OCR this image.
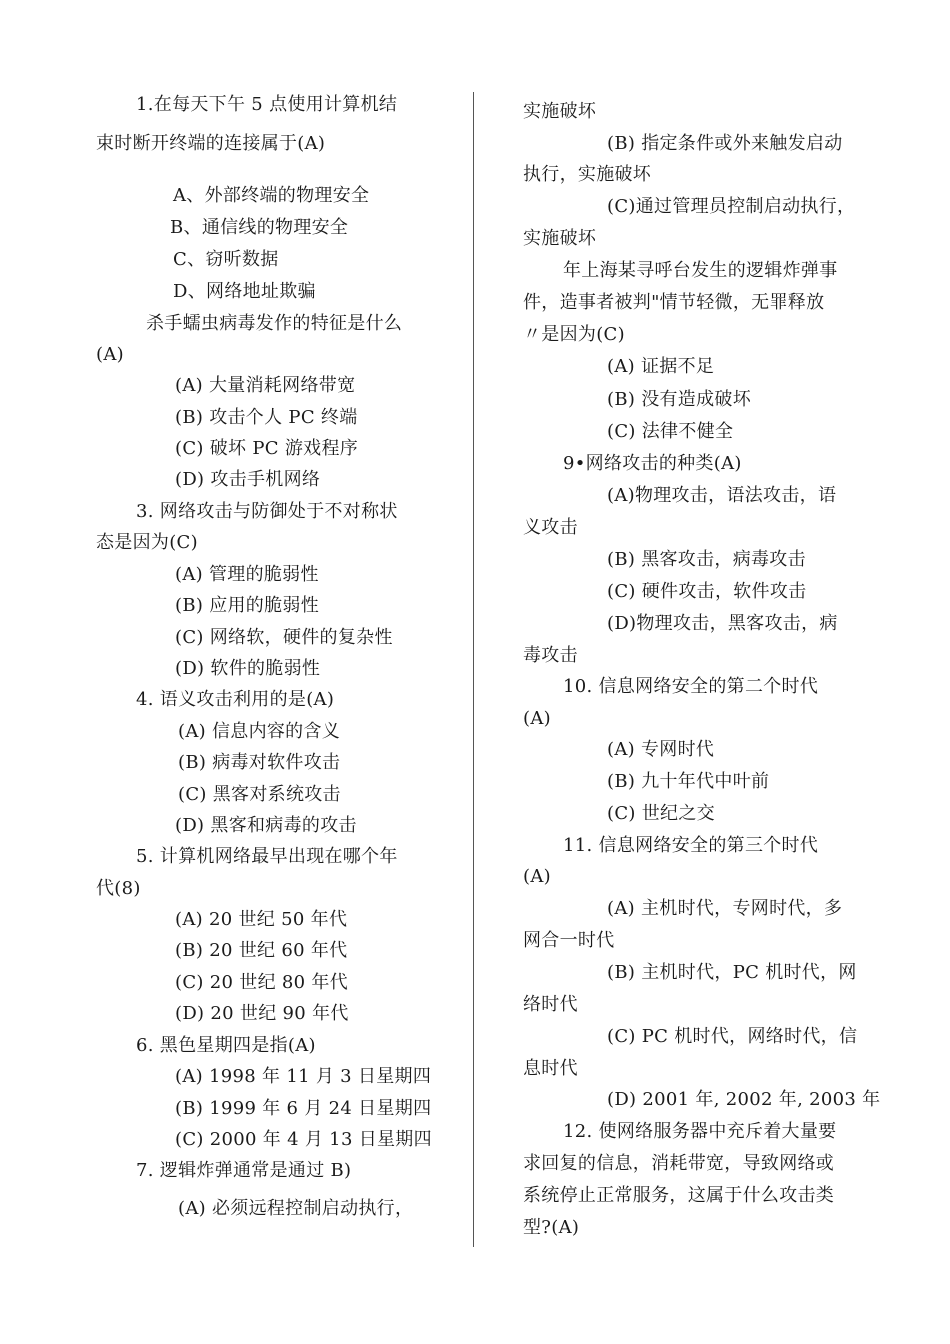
1.在每天下午 5 点使用计算机结
束时断开终端的连接属于(A)
A、外部终端的物理安全
B、通信线的物理安全
C、窃听数据
D、网络地址欺骗
杀手蠕虫病毒发作的特征是什么
(A)
(A) 大量消耗网络带宽
(B) 攻击个人 PC 终端
(C) 破坏 PC 游戏程序
(D) 攻击手机网络
3. 网络攻击与防御处于不对称状
态是因为(C)
(A) 管理的脆弱性
(B) 应用的脆弱性
(C) 网络软，硬件的复杂性
(D) 软件的脆弱性
4. 语义攻击利用的是(A)
(A) 信息内容的含义
(B) 病毒对软件攻击
(C) 黑客对系统攻击
(D) 黑客和病毒的攻击
5. 计算机网络最早出现在哪个年
代(8)
(A) 20 世纪 50 年代
(B) 20 世纪 60 年代
(C) 20 世纪 80 年代
(D) 20 世纪 90 年代
6. 黑色星期四是指(A)
(A) 1998 年 11 月 3 日星期四
(B) 1999 年 6 月 24 日星期四
(C) 2000 年 4 月 13 日星期四
7. 逻辑炸弹通常是通过 B)
(A) 必须远程控制启动执行，
实施破坏
(B) 指定条件或外来触发启动
执行，实施破坏
(C)通过管理员控制启动执行，
实施破坏
年上海某寻呼台发生的逻辑炸弹事
件，造事者被判"情节轻微，无罪释放
〃是因为(C)
(A) 证据不足
(B) 没有造成破坏
(C) 法律不健全
9•网络攻击的种类(A)
(A)物理攻击，语法攻击，语
义攻击
(B) 黑客攻击，病毒攻击
(C) 硬件攻击，软件攻击
(D)物理攻击，黑客攻击，病
毒攻击
10. 信息网络安全的第二个时代
(A)
(A) 专网时代
(B) 九十年代中叶前
(C) 世纪之交
11. 信息网络安全的第三个时代
(A)
(A) 主机时代，专网时代，多
网合一时代
(B) 主机时代，PC 机时代，网
络时代
(C) PC 机时代，网络时代，信
息时代
(D) 2001 年, 2002 年, 2003 年
12. 使网络服务器中充斥着大量要
求回复的信息，消耗带宽，导致网络或
系统停止正常服务，这属于什么攻击类
型?(A)
